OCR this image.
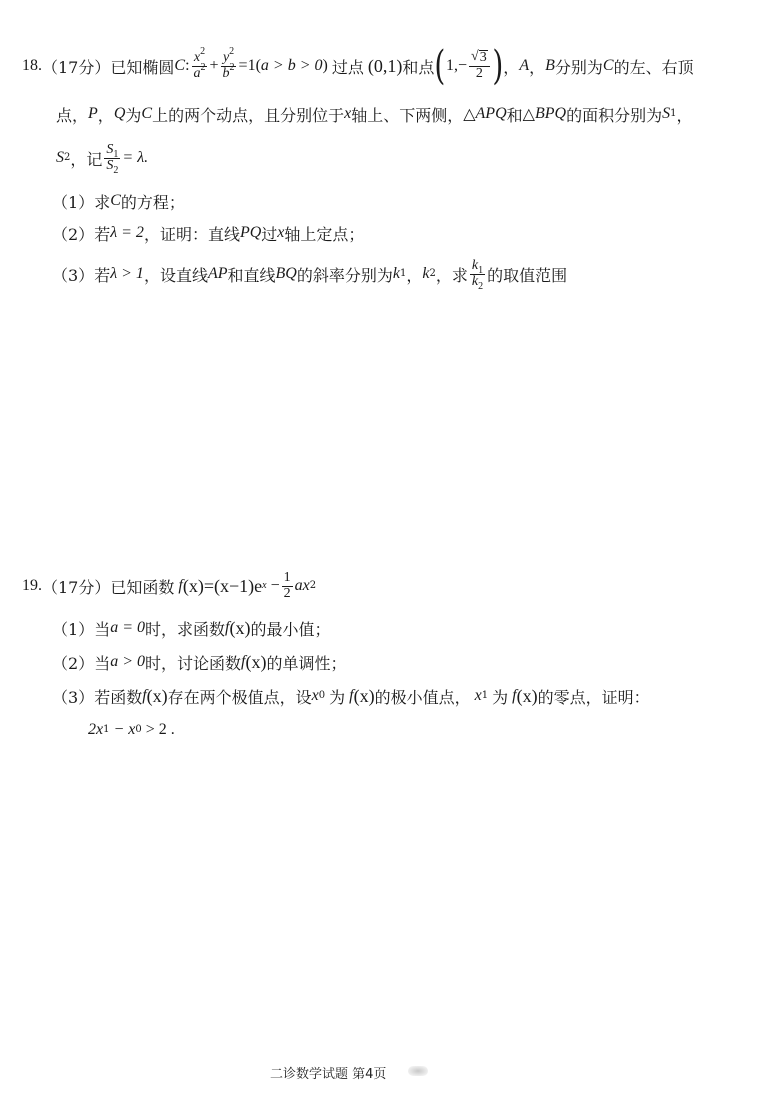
18. （17分） 已知椭圆 C : $\frac{x^2}{a^2} + \frac{y^2}{b^2} =1$( a > b > 0 ) 过点 (0,1) 和点 ( $1,- \frac{√ 3}{2}$ ) ， A ， B 分别为 C 的左、右顶
点， P ， Q 为 C 上的两个动点，且分别位于 x 轴上、下两侧， △ APQ 和 △ BPQ 的面积分别为 S 1 ，
S 2 ，记 $\frac{S_1}{S_2} = \lambda$.
（1） 求 C 的方程；
（2） 若 λ = 2 ，证明：直线 PQ 过 x 轴上定点；
（3） 若 λ > 1 ，设直线 AP 和直线 BQ 的斜率分别为 k 1 ， k 2 ，求 $\frac{k_1}{k_2}$ 的取值范围
19. （17分） 已知函数 f (x) =(x−1)e $x - \frac{1}{2}$ ax 2
（1） 当 a = 0 时，求函数 f (x) 的最小值；
（2） 当 a > 0 时，讨论函数 f (x) 的单调性；
（3） 若函数 f (x) 存在两个极值点，设 x 0 为 f (x) 的极小值点， x 1 为 f (x) 的零点，证明：
2x 1 − x 0 > 2 .
二诊数学试题 第4页
